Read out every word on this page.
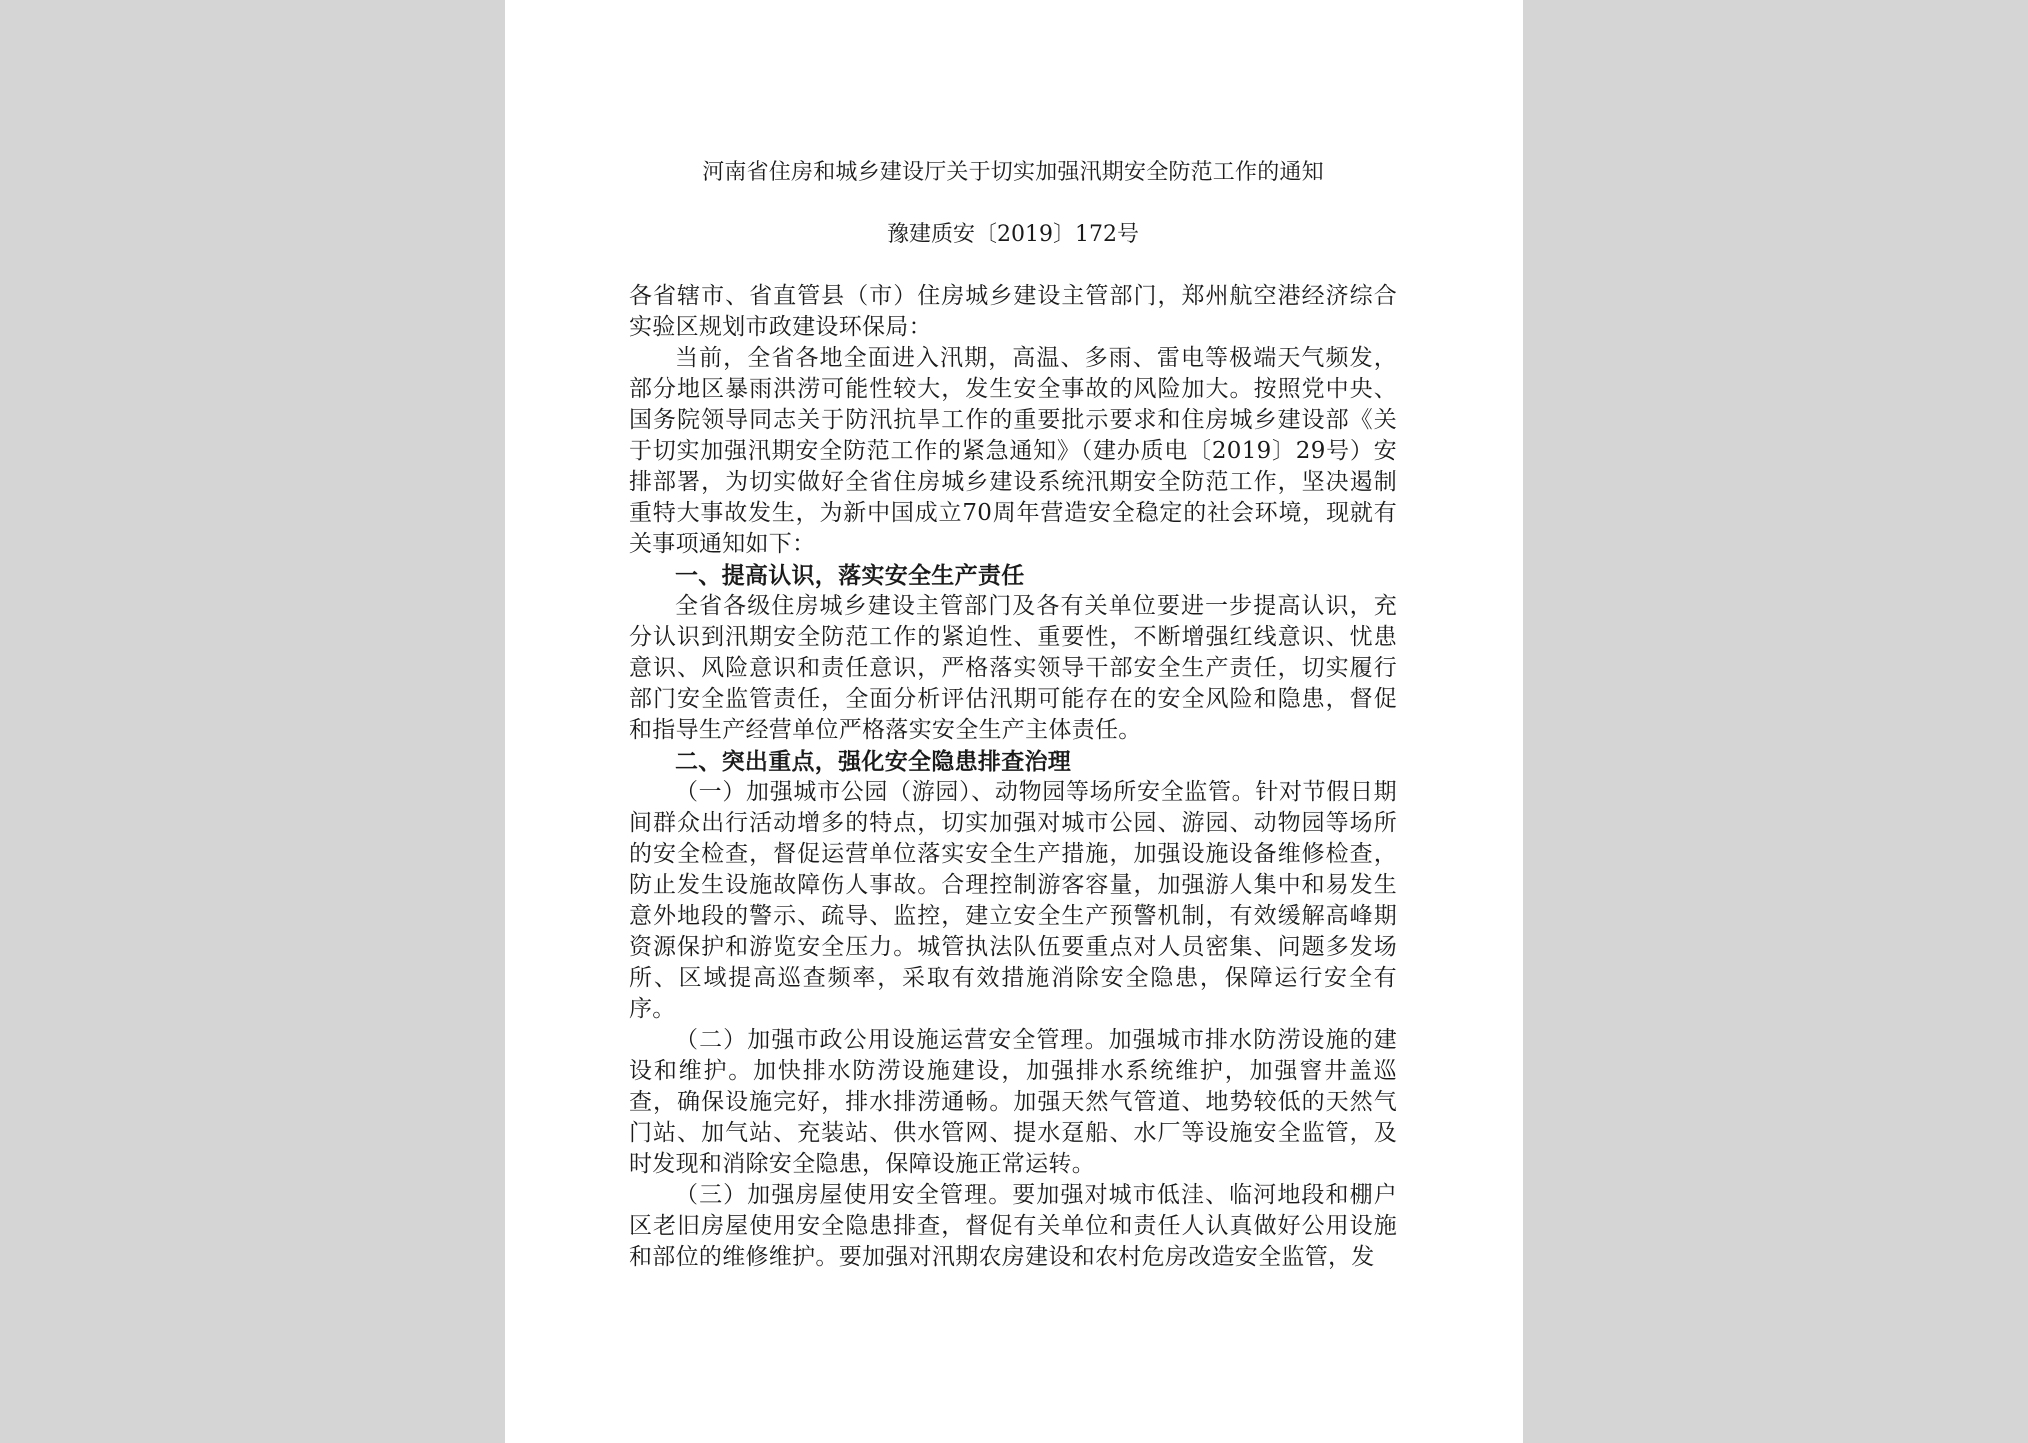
河南省住房和城乡建设厅关于切实加强汛期安全防范工作的通知
豫建质安〔2019〕172号

各省辖市、省直管县（市）住房城乡建设主管部门，郑州航空港经济综合实验区规划市政建设环保局：

当前，全省各地全面进入汛期，高温、多雨、雷电等极端天气频发，部分地区暴雨洪涝可能性较大，发生安全事故的风险加大。按照党中央、国务院领导同志关于防汛抗旱工作的重要批示要求和住房城乡建设部《关于切实加强汛期安全防范工作的紧急通知》（建办质电〔2019〕29号）安排部署，为切实做好全省住房城乡建设系统汛期安全防范工作，坚决遏制重特大事故发生，为新中国成立70周年营造安全稳定的社会环境，现就有关事项通知如下：

一、提高认识，落实安全生产责任

全省各级住房城乡建设主管部门及各有关单位要进一步提高认识，充分认识到汛期安全防范工作的紧迫性、重要性，不断增强红线意识、忧患意识、风险意识和责任意识，严格落实领导干部安全生产责任，切实履行部门安全监管责任，全面分析评估汛期可能存在的安全风险和隐患，督促和指导生产经营单位严格落实安全生产主体责任。

二、突出重点，强化安全隐患排查治理

（一）加强城市公园（游园）、动物园等场所安全监管。针对节假日期间群众出行活动增多的特点，切实加强对城市公园、游园、动物园等场所的安全检查，督促运营单位落实安全生产措施，加强设施设备维修检查，防止发生设施故障伤人事故。合理控制游客容量，加强游人集中和易发生意外地段的警示、疏导、监控，建立安全生产预警机制，有效缓解高峰期资源保护和游览安全压力。城管执法队伍要重点对人员密集、问题多发场所、区域提高巡查频率，采取有效措施消除安全隐患，保障运行安全有序。

（二）加强市政公用设施运营安全管理。加强城市排水防涝设施的建设和维护。加快排水防涝设施建设，加强排水系统维护，加强窨井盖巡查，确保设施完好，排水排涝通畅。加强天然气管道、地势较低的天然气门站、加气站、充装站、供水管网、提水趸船、水厂等设施安全监管，及时发现和消除安全隐患，保障设施正常运转。

（三）加强房屋使用安全管理。要加强对城市低洼、临河地段和棚户区老旧房屋使用安全隐患排查，督促有关单位和责任人认真做好公用设施和部位的维修维护。要加强对汛期农房建设和农村危房改造安全监管，发
